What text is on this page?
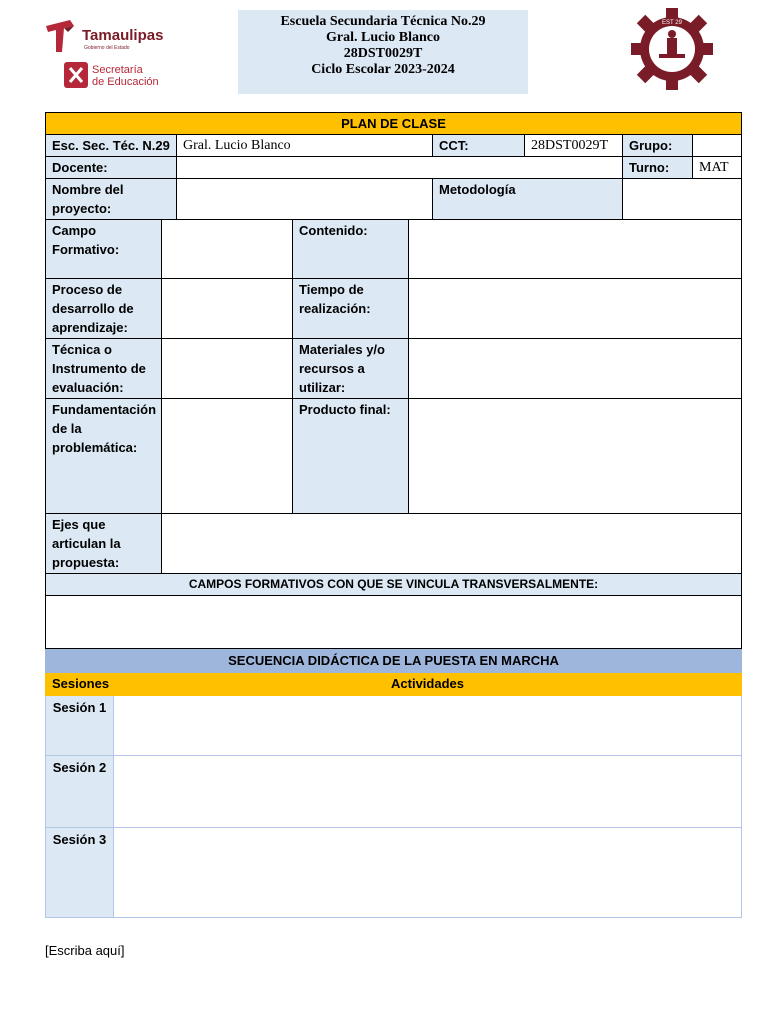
Tamaulipas
Gobierno del Estado
Secretaría
de Educación
Escuela Secundaria Técnica No.29
Gral. Lucio Blanco
28DST0029T
Ciclo Escolar 2023-2024
EST 29
PLAN DE CLASE								
Esc. Sec. Téc. N.29		Gral. Lucio Blanco			CCT:	28DST0029T	Grupo:	
Docente:							Turno:	MAT
Nombre del proyecto:					Metodología			
Campo Formativo:			Contenido:					
Proceso de desarrollo de aprendizaje:			Tiempo de realización:					
Técnica o Instrumento de evaluación:			Materiales y/o recursos a utilizar:					
Fundamentación de la problemática:			Producto final:					
Ejes que articulan la propuesta:								
CAMPOS FORMATIVOS CON QUE SE VINCULA TRANSVERSALMENTE:								

SECUENCIA DIDÁCTICA DE LA PUESTA EN MARCHA	
Sesiones	Actividades
Sesión 1	
Sesión 2	
Sesión 3	
[Escriba aquí]
